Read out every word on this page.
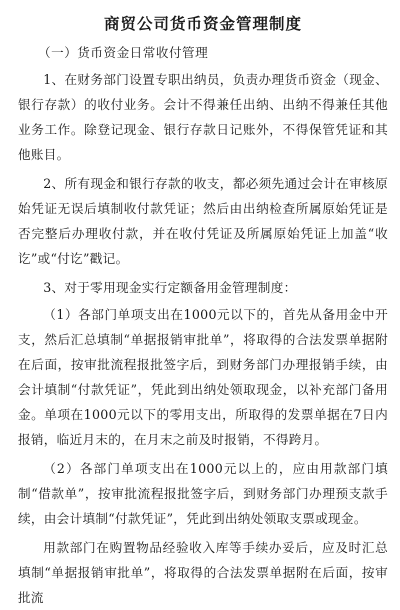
商贸公司货币资金管理制度
（一）货币资金日常收付管理

1、在财务部门设置专职出纳员，负责办理货币资金（现金、银行存款）的收付业务。会计不得兼任出纳、出纳不得兼任其他业务工作。除登记现金、银行存款日记账外，不得保管凭证和其他账目。

2、所有现金和银行存款的收支，都必须先通过会计在审核原始凭证无误后填制收付款凭证；然后由出纳检查所属原始凭证是否完整后办理收付款，并在收付凭证及所属原始凭证上加盖“收讫”或“付讫”戳记。

3、对于零用现金实行定额备用金管理制度：

（1）各部门单项支出在1000元以下的，首先从备用金中开支，然后汇总填制“单据报销审批单”，将取得的合法发票单据附在后面，按审批流程报批签字后，到财务部门办理报销手续，由会计填制“付款凭证”，凭此到出纳处领取现金，以补充部门备用金。单项在1000元以下的零用支出，所取得的发票单据在7日内报销，临近月末的，在月末之前及时报销，不得跨月。

（2）各部门单项支出在1000元以上的，应由用款部门填制“借款单”，按审批流程报批签字后，到财务部门办理预支款手续，由会计填制“付款凭证”，凭此到出纳处领取支票或现金。

用款部门在购置物品经验收入库等手续办妥后，应及时汇总填制“单据报销审批单”，将取得的合法发票单据附在后面，按审批流
